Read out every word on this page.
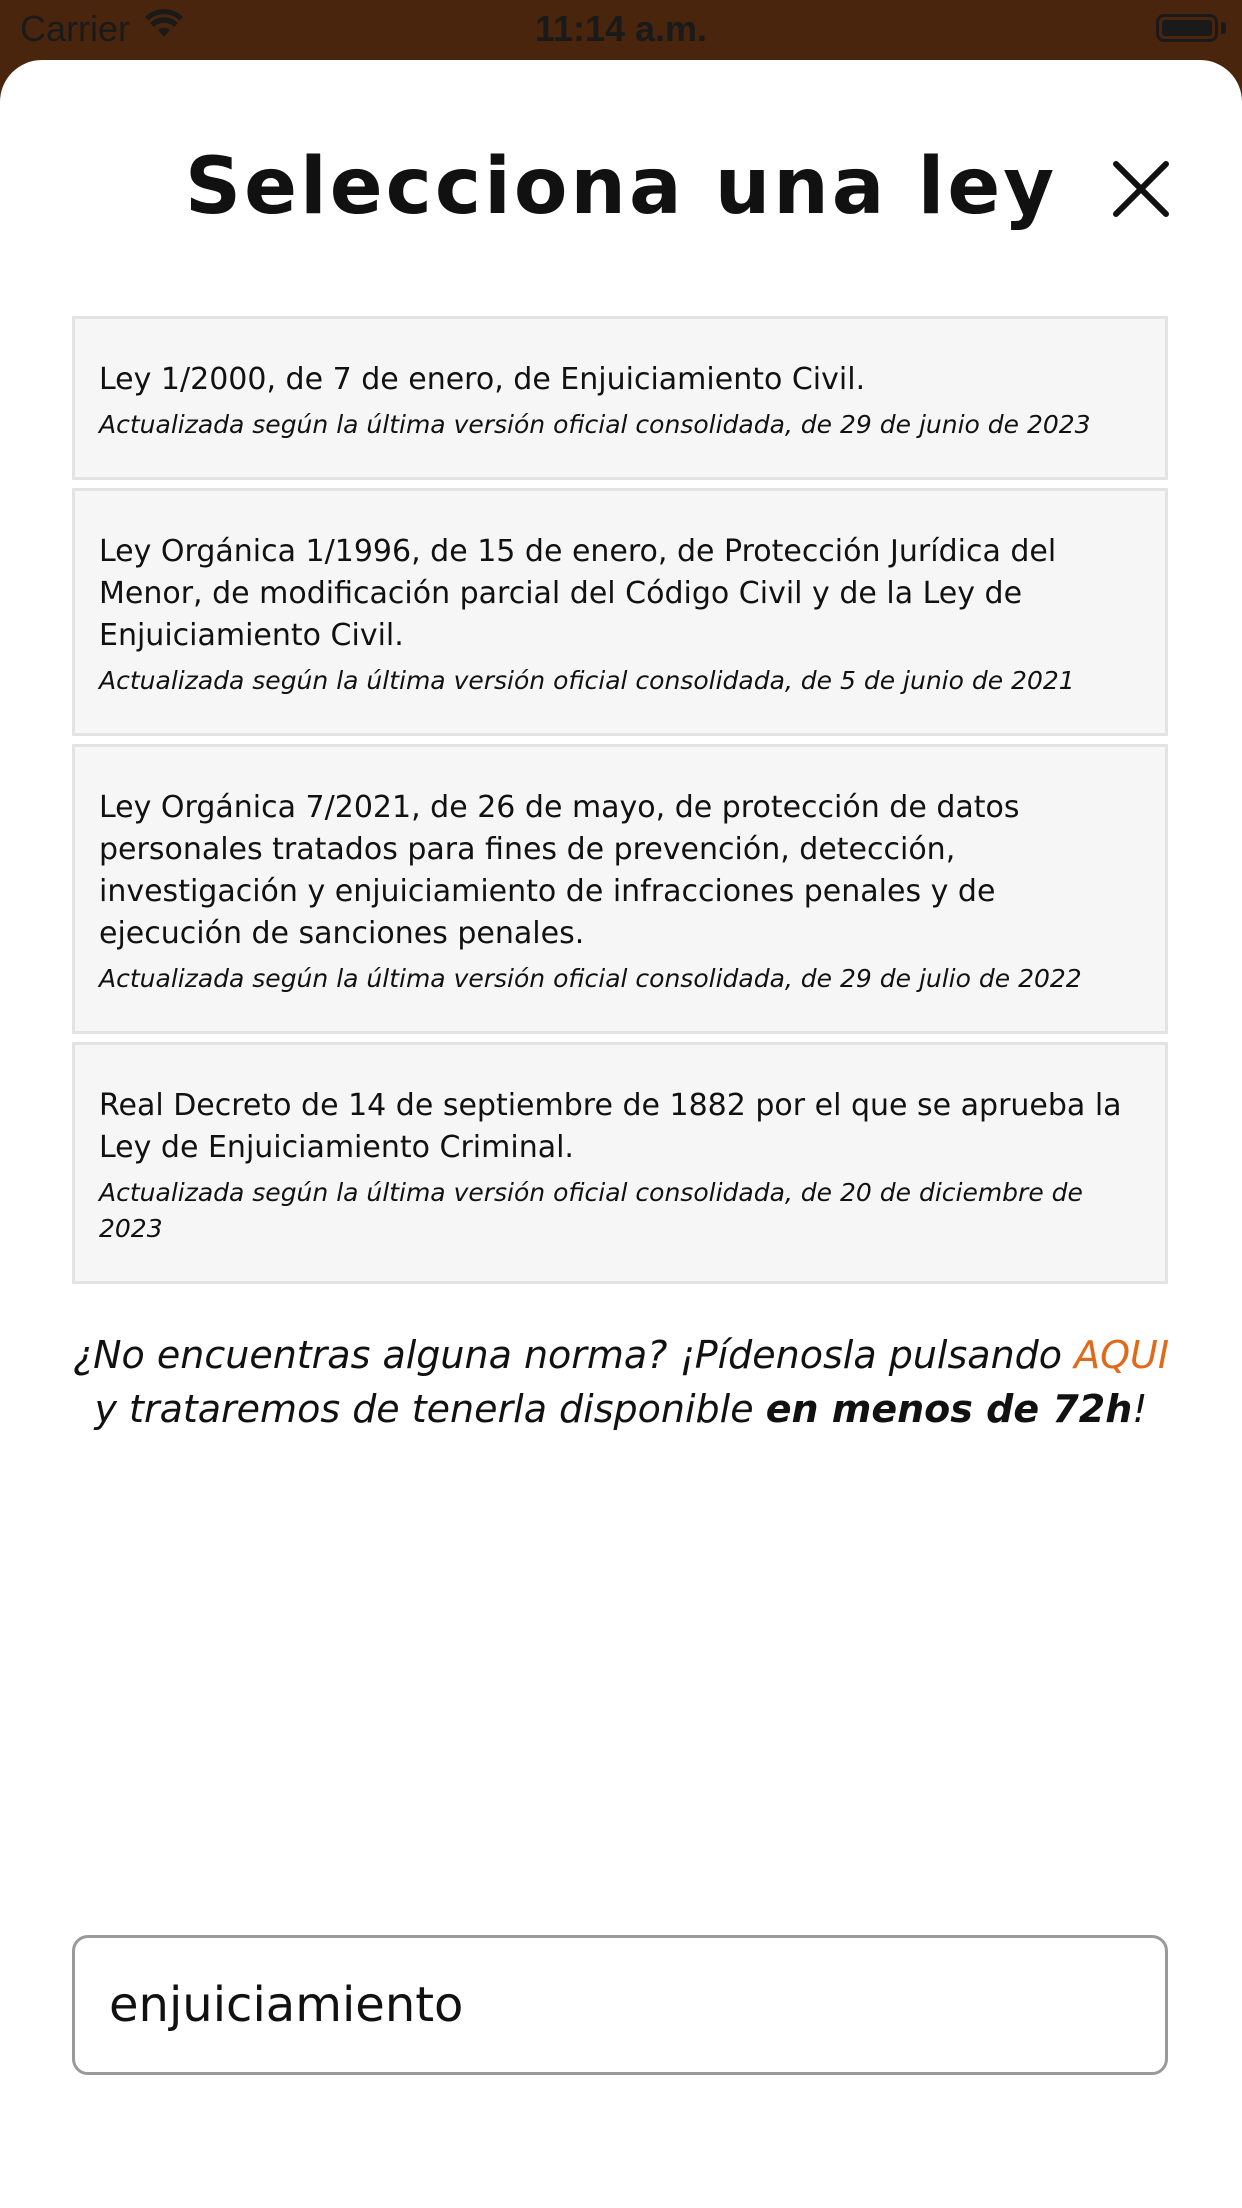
Carrier	11:14 a.m.
Selecciona una ley

Ley 1/2000, de 7 de enero, de Enjuiciamiento Civil.

Actualizada según la última versión oficial consolidada, de 29 de junio de 2023

Ley Orgánica 1/1996, de 15 de enero, de Protección Jurídica del Menor, de modificación parcial del Código Civil y de la Ley de Enjuiciamiento Civil.

Actualizada según la última versión oficial consolidada, de 5 de junio de 2021

Ley Orgánica 7/2021, de 26 de mayo, de protección de datos personales tratados para fines de prevención, detección, investigación y enjuiciamiento de infracciones penales y de ejecución de sanciones penales.

Actualizada según la última versión oficial consolidada, de 29 de julio de 2022

Real Decreto de 14 de septiembre de 1882 por el que se aprueba la Ley de Enjuiciamiento Criminal.

Actualizada según la última versión oficial consolidada, de 20 de diciembre de 2023
¿No encuentras alguna norma? ¡Pídenosla pulsando AQUI y trataremos de tenerla disponible en menos de 72h!
enjuiciamiento
